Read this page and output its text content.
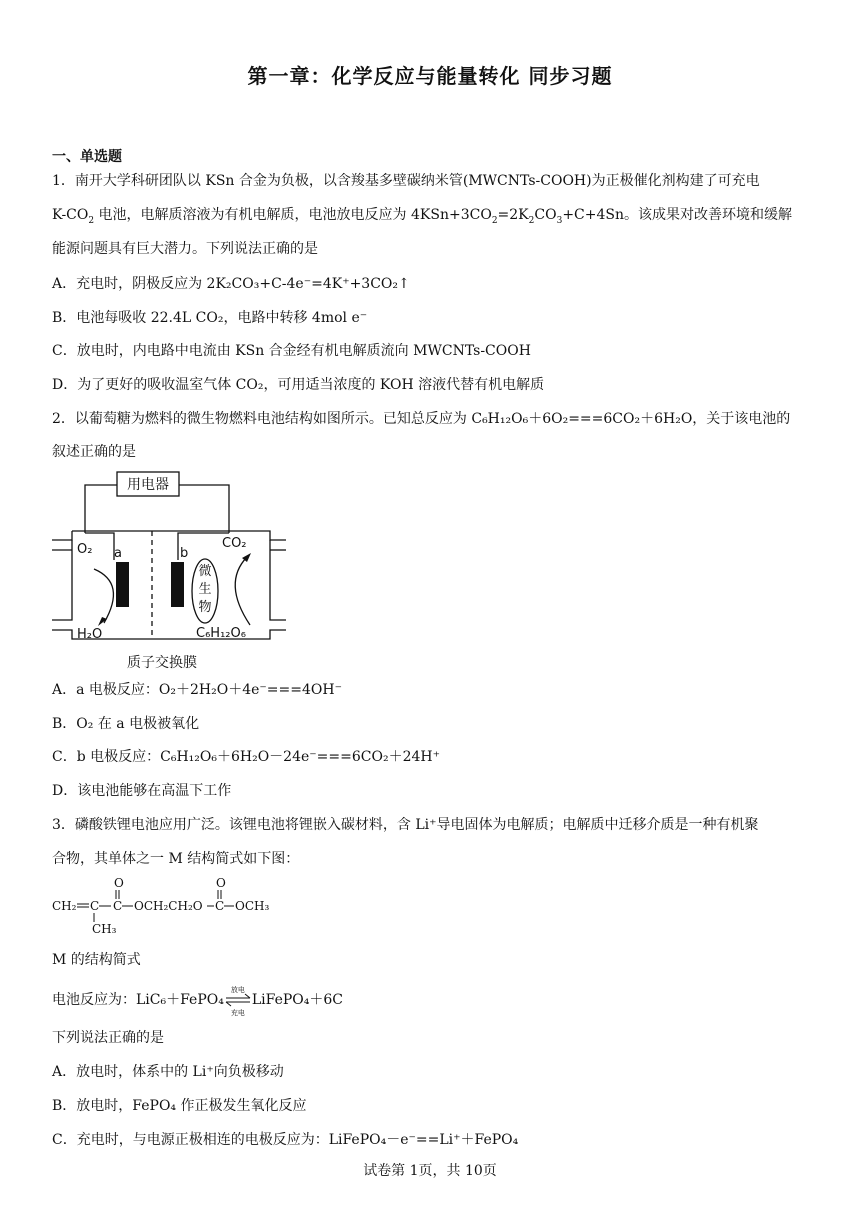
第一章：化学反应与能量转化 同步习题
一、单选题
1．南开大学科研团队以 KSn 合金为负极，以含羧基多壁碳纳米管(MWCNTs-COOH)为正极催化剂构建了可充电
$K-CO_2$ 电池，电解质溶液为有机电解质，电池放电反应为 $4KSn+3CO_2=2K_2CO_3+C+4Sn$。该成果对改善环境和缓解
能源问题具有巨大潜力。下列说法正确的是
A．充电时，阴极反应为 2K₂CO₃+C-4e⁻=4K⁺+3CO₂↑
B．电池每吸收 22.4L CO₂，电路中转移 4mol e⁻
C．放电时，内电路中电流由 KSn 合金经有机电解质流向 MWCNTs-COOH
D．为了更好的吸收温室气体 CO₂，可用适当浓度的 KOH 溶液代替有机电解质
2．以葡萄糖为燃料的微生物燃料电池结构如图所示。已知总反应为 C₆H₁₂O₆＋6O₂===6CO₂＋6H₂O，关于该电池的
叙述正确的是
用电器
O₂
H₂O
a	b
CO₂
C₆H₁₂O₆
微
生
物
质子交换膜
A．a 电极反应：O₂＋2H₂O＋4e⁻===4OH⁻
B．O₂ 在 a 电极被氧化
C．b 电极反应：C₆H₁₂O₆＋6H₂O－24e⁻===6CO₂＋24H⁺
D．该电池能够在高温下工作
3．磷酸铁锂电池应用广泛。该锂电池将锂嵌入碳材料，含 Li⁺导电固体为电解质；电解质中迁移介质是一种有机聚
合物，其单体之一 M 结构简式如下图：
CH₂ C C
O
OCH₂CH₂O C
O
OCH₃
CH₃
M 的结构简式
电池反应为：LiC₆＋FePO₄
放电
充电
LiFePO₄＋6C
下列说法正确的是
A．放电时，体系中的 Li⁺向负极移动
B．放电时，FePO₄ 作正极发生氧化反应
C．充电时，与电源正极相连的电极反应为：LiFePO₄－e⁻==Li⁺＋FePO₄
试卷第 1页，共 10页
